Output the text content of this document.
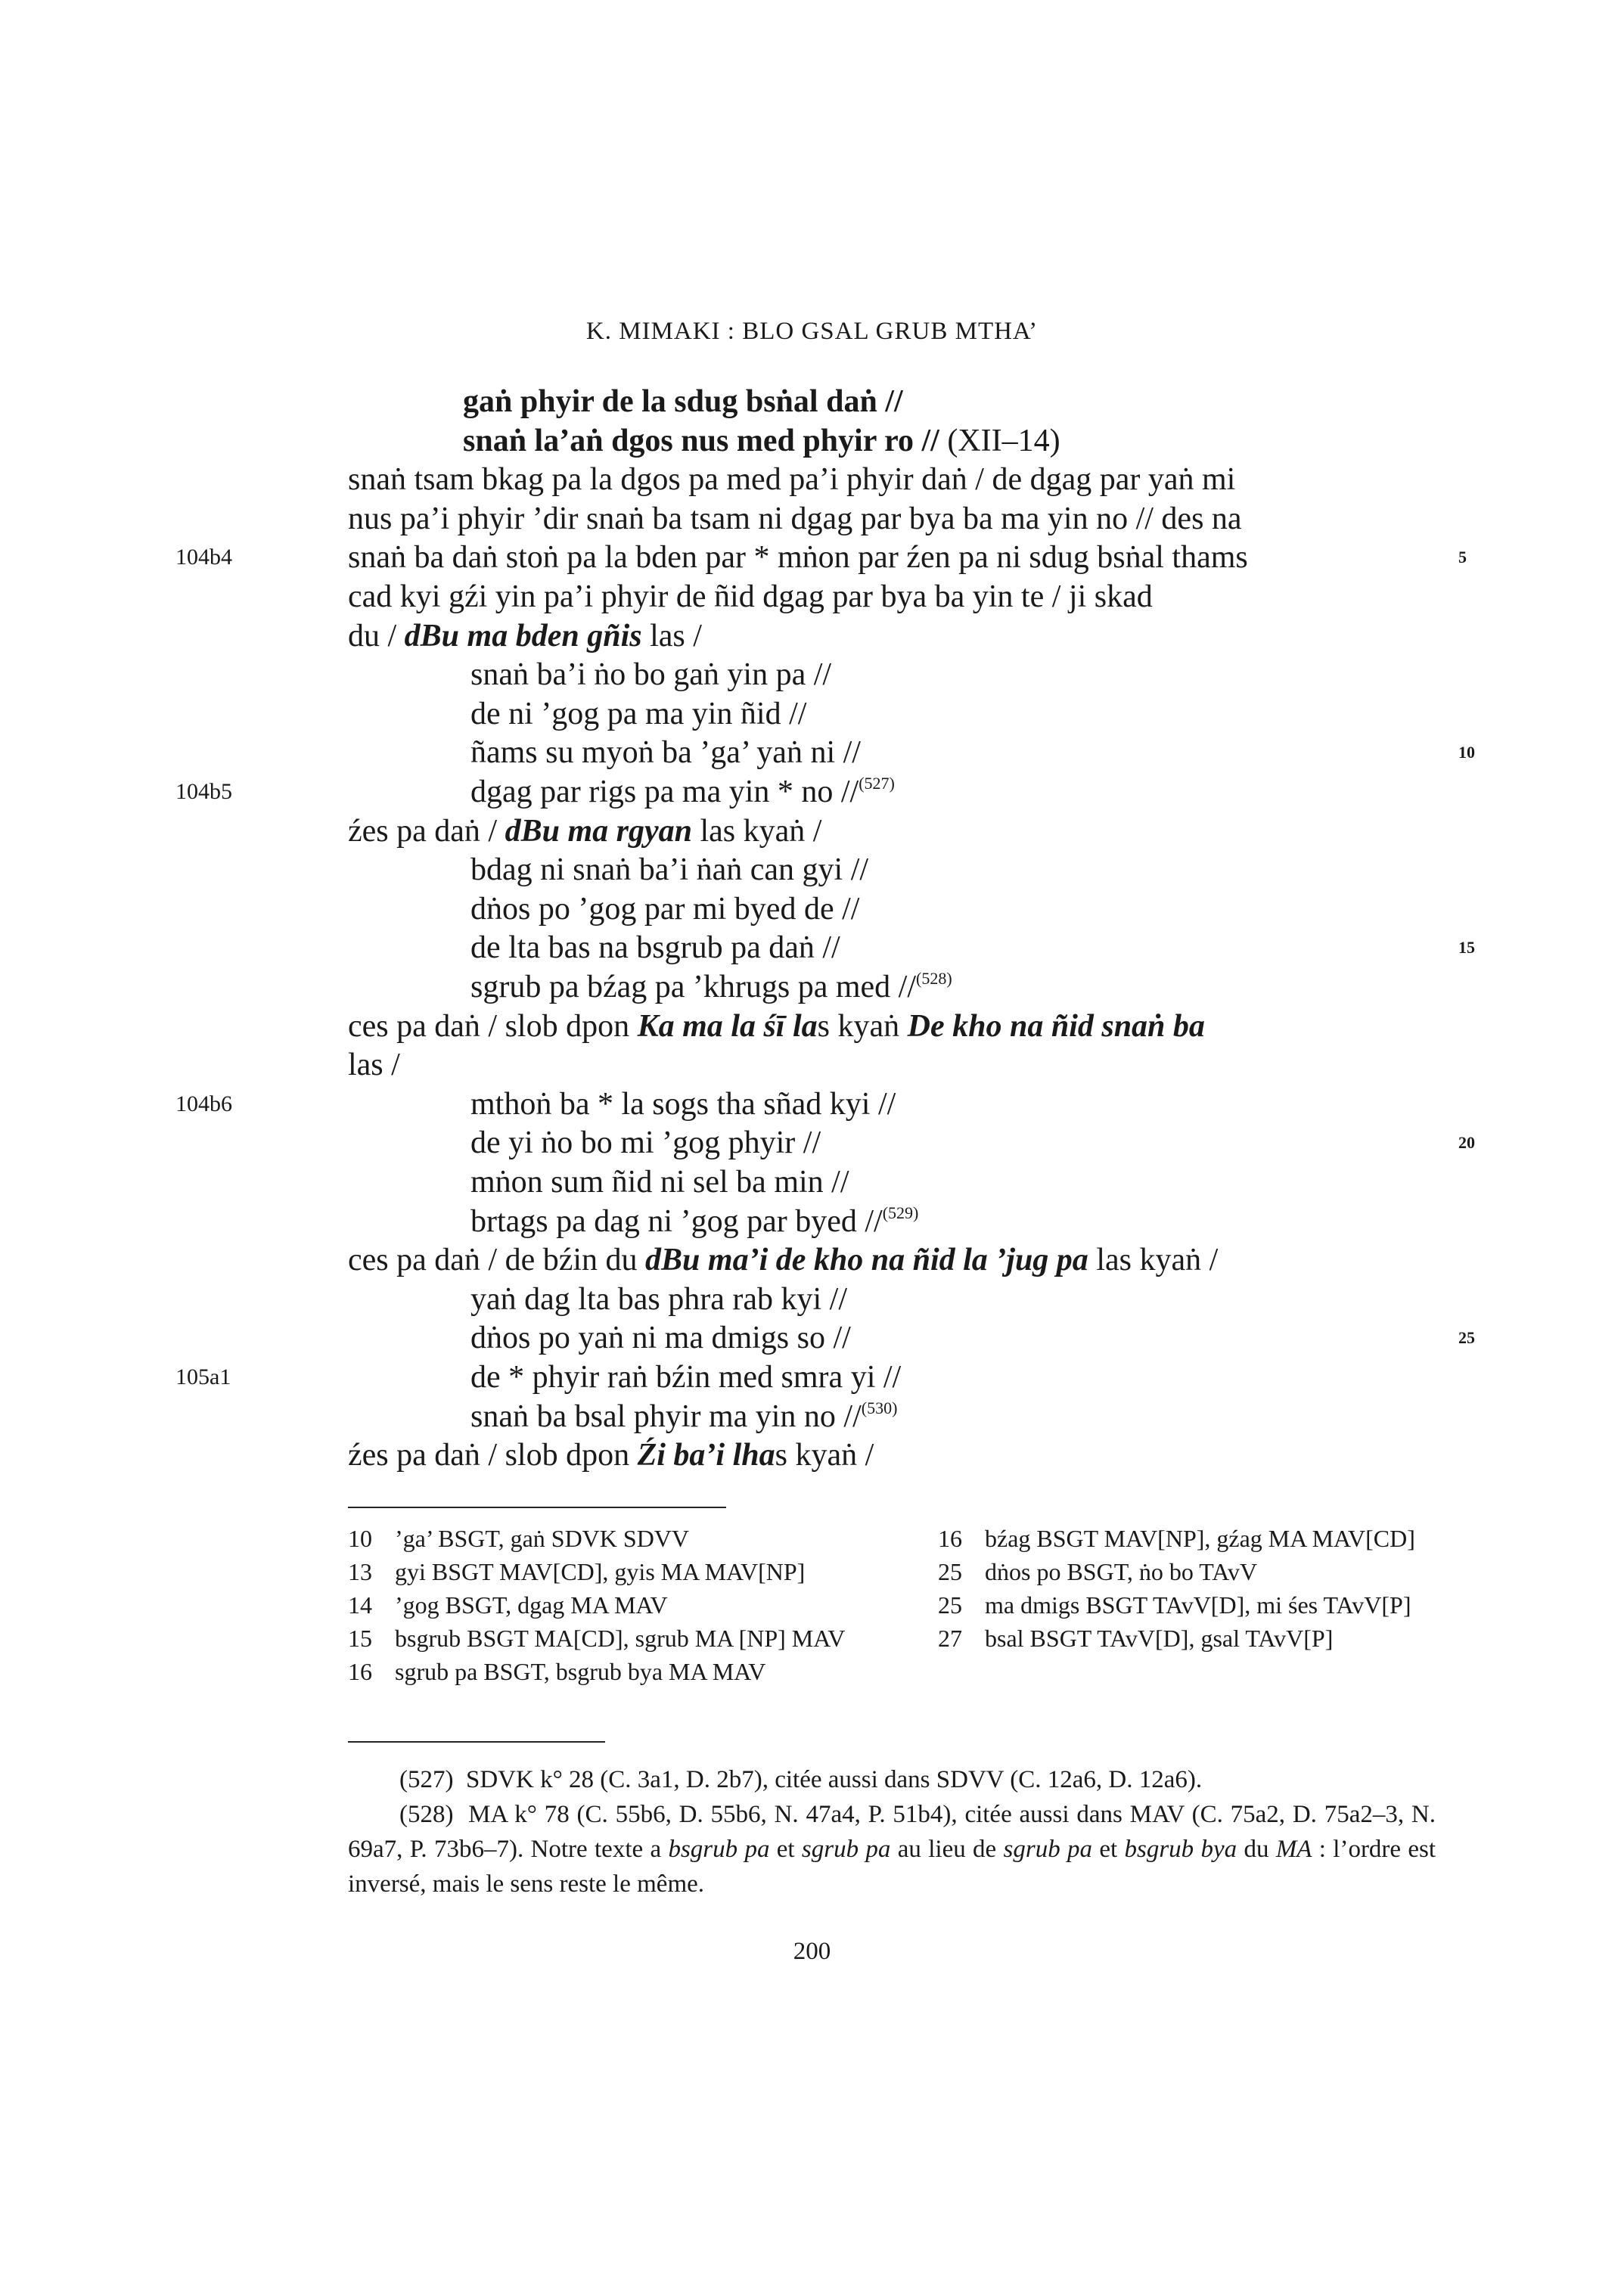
K. MIMAKI : BLO GSAL GRUB MTHA’
gaṅ phyir de la sdug bsṅal daṅ //
snaṅ la’aṅ dgos nus med phyir ro // (XII–14)
snaṅ tsam bkag pa la dgos pa med pa’i phyir daṅ / de dgag par yaṅ mi
nus pa’i phyir ’dir snaṅ ba tsam ni dgag par bya ba ma yin no // des na
snaṅ ba daṅ stoṅ pa la bden par * mṅon par źen pa ni sdug bsṅal thams
cad kyi gźi yin pa’i phyir de ñid dgag par bya ba yin te / ji skad
du / dBu ma bden gñis las /
snaṅ ba’i ṅo bo gaṅ yin pa //
de ni ’gog pa ma yin ñid //
ñams su myoṅ ba ’ga’ yaṅ ni //
dgag par rigs pa ma yin * no //$^{(527)}$
źes pa daṅ / dBu ma rgyan las kyaṅ /
bdag ni snaṅ ba’i ṅaṅ can gyi //
dṅos po ’gog par mi byed de //
de lta bas na bsgrub pa daṅ //
sgrub pa bźag pa ’khrugs pa med //$^{(528)}$
ces pa daṅ / slob dpon Ka ma la śī las kyaṅ De kho na ñid snaṅ ba
las /
mthoṅ ba * la sogs tha sñad kyi //
de yi ṅo bo mi ’gog phyir //
mṅon sum ñid ni sel ba min //
brtags pa dag ni ’gog par byed //$^{(529)}$
ces pa daṅ / de bźin du dBu ma’i de kho na ñid la ’jug pa las kyaṅ /
yaṅ dag lta bas phra rab kyi //
dṅos po yaṅ ni ma dmigs so //
de * phyir raṅ bźin med smra yi //
snaṅ ba bsal phyir ma yin no //$^{(530)}$
źes pa daṅ / slob dpon Źi ba’i lhas kyaṅ /
104b4
104b5
104b6
105a1
5
10
15
20
25
10 ’ga’ BSGT, gaṅ SDVK SDVV
13 gyi BSGT MAV[CD], gyis MA MAV[NP]
14 ’gog BSGT, dgag MA MAV
15 bsgrub BSGT MA[CD], sgrub MA [NP] MAV
16 sgrub pa BSGT, bsgrub bya MA MAV
16 bźag BSGT MAV[NP], gźag MA MAV[CD]
25 dṅos po BSGT, ṅo bo TAvV
25 ma dmigs BSGT TAvV[D], mi śes TAvV[P]
27 bsal BSGT TAvV[D], gsal TAvV[P]

(527) SDVK k° 28 (C. 3a1, D. 2b7), citée aussi dans SDVV (C. 12a6, D. 12a6).

(528) MA k° 78 (C. 55b6, D. 55b6, N. 47a4, P. 51b4), citée aussi dans MAV (C. 75a2, D. 75a2–3, N. 69a7, P. 73b6–7). Notre texte a bsgrub pa et sgrub pa au lieu de sgrub pa et bsgrub bya du MA : l’ordre est inversé, mais le sens reste le même.

200
